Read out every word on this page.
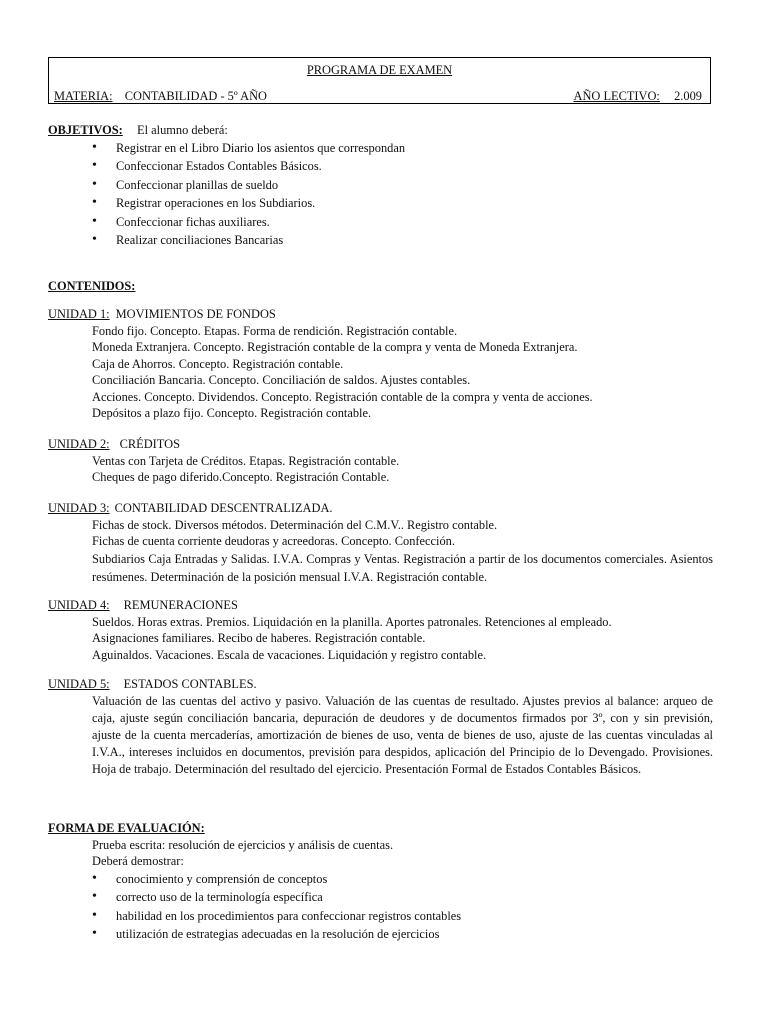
PROGRAMA DE EXAMEN
MATERIA: CONTABILIDAD - 5º AÑO	AÑO LECTIVO: 2.009
OBJETIVOS: El alumno deberá:
• Registrar en el Libro Diario los asientos que correspondan
• Confeccionar Estados Contables Básicos.
• Confeccionar planillas de sueldo
• Registrar operaciones en los Subdiarios.
• Confeccionar fichas auxiliares.
• Realizar conciliaciones Bancarias
CONTENIDOS:
UNIDAD 1: MOVIMIENTOS DE FONDOS
Fondo fijo. Concepto. Etapas. Forma de rendición. Registración contable.
Moneda Extranjera. Concepto. Registración contable de la compra y venta de Moneda Extranjera.
Caja de Ahorros. Concepto. Registración contable.
Conciliación Bancaria. Concepto. Conciliación de saldos. Ajustes contables.
Acciones. Concepto. Dividendos. Concepto. Registración contable de la compra y venta de acciones.
Depósitos a plazo fijo. Concepto. Registración contable.
UNIDAD 2: CRÉDITOS
Ventas con Tarjeta de Créditos. Etapas. Registración contable.
Cheques de pago diferido.Concepto. Registración Contable.
UNIDAD 3: CONTABILIDAD DESCENTRALIZADA.
Fichas de stock. Diversos métodos. Determinación del C.M.V.. Registro contable.
Fichas de cuenta corriente deudoras y acreedoras. Concepto. Confección.
Subdiarios Caja Entradas y Salidas. I.V.A. Compras y Ventas. Registración a partir de los documentos comerciales. Asientos resúmenes. Determinación de la posición mensual I.V.A. Registración contable.
UNIDAD 4: REMUNERACIONES
Sueldos. Horas extras. Premios. Liquidación en la planilla. Aportes patronales. Retenciones al empleado.
Asignaciones familiares. Recibo de haberes. Registración contable.
Aguinaldos. Vacaciones. Escala de vacaciones. Liquidación y registro contable.
UNIDAD 5: ESTADOS CONTABLES.
Valuación de las cuentas del activo y pasivo. Valuación de las cuentas de resultado. Ajustes previos al balance: arqueo de caja, ajuste según conciliación bancaria, depuración de deudores y de documentos firmados por 3º, con y sin previsión, ajuste de la cuenta mercaderías, amortización de bienes de uso, venta de bienes de uso, ajuste de las cuentas vinculadas al I.V.A., intereses incluidos en documentos, previsión para despidos, aplicación del Principio de lo Devengado. Provisiones. Hoja de trabajo. Determinación del resultado del ejercicio. Presentación Formal de Estados Contables Básicos.
FORMA DE EVALUACIÓN:
Prueba escrita: resolución de ejercicios y análisis de cuentas.
Deberá demostrar:
• conocimiento y comprensión de conceptos
• correcto uso de la terminología específica
• habilidad en los procedimientos para confeccionar registros contables
• utilización de estrategias adecuadas en la resolución de ejercicios
